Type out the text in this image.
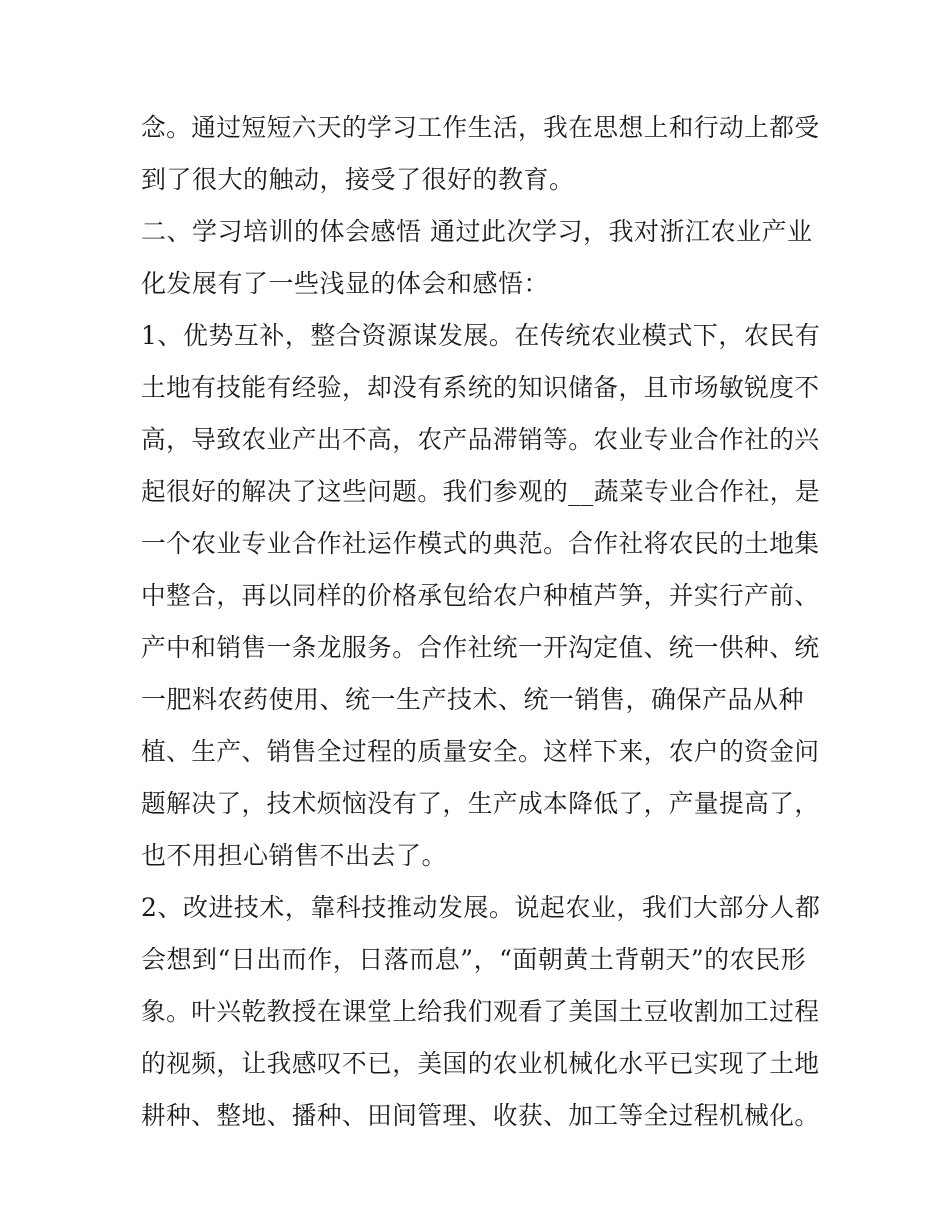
念。通过短短六天的学习工作生活，我在思想上和行动上都受
到了很大的触动，接受了很好的教育。
二、学习培训的体会感悟 通过此次学习，我对浙江农业产业
化发展有了一些浅显的体会和感悟：
1、优势互补，整合资源谋发展。在传统农业模式下，农民有
土地有技能有经验，却没有系统的知识储备，且市场敏锐度不
高，导致农业产出不高，农产品滞销等。农业专业合作社的兴
起很好的解决了这些问题。我们参观的__蔬菜专业合作社，是
一个农业专业合作社运作模式的典范。合作社将农民的土地集
中整合，再以同样的价格承包给农户种植芦笋，并实行产前、
产中和销售一条龙服务。合作社统一开沟定值、统一供种、统
一肥料农药使用、统一生产技术、统一销售，确保产品从种
植、生产、销售全过程的质量安全。这样下来，农户的资金问
题解决了，技术烦恼没有了，生产成本降低了，产量提高了，
也不用担心销售不出去了。
2、改进技术，靠科技推动发展。说起农业，我们大部分人都
会想到“日出而作，日落而息”，“面朝黄土背朝天”的农民形
象。叶兴乾教授在课堂上给我们观看了美国土豆收割加工过程
的视频，让我感叹不已，美国的农业机械化水平已实现了土地
耕种、整地、播种、田间管理、收获、加工等全过程机械化。
